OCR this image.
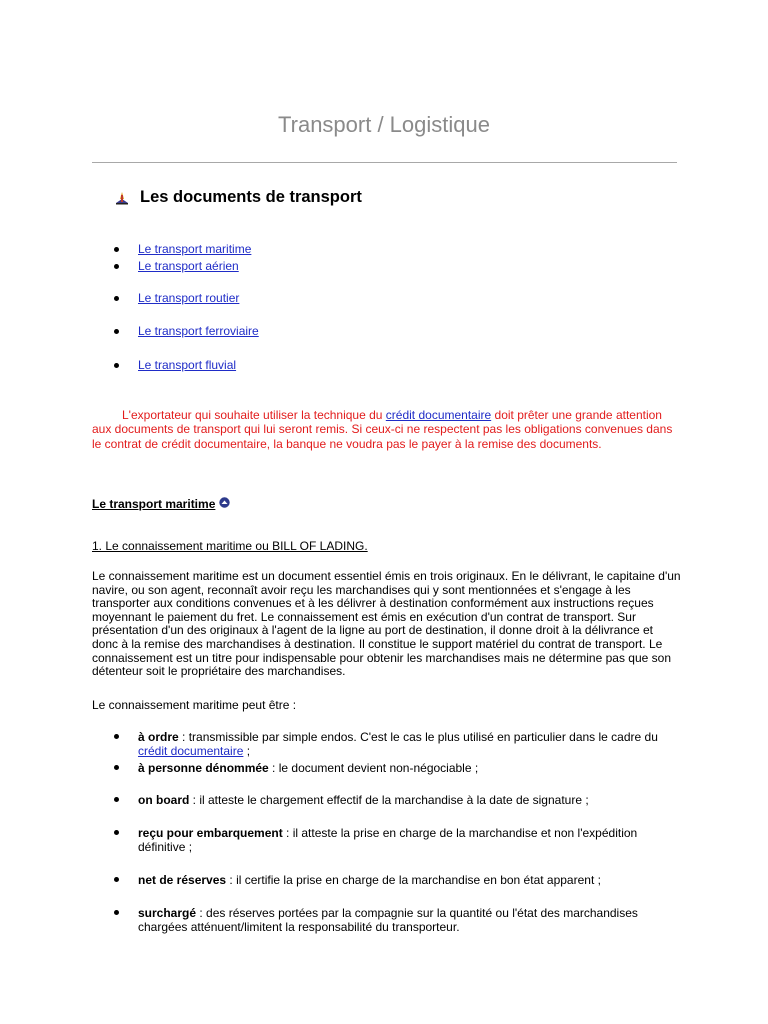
Transport / Logistique
Les documents de transport
Le transport maritime
Le transport aérien
Le transport routier
Le transport ferroviaire
Le transport fluvial
L'exportateur qui souhaite utiliser la technique du crédit documentaire doit prêter une grande attention aux documents de transport qui lui seront remis. Si ceux-ci ne respectent pas les obligations convenues dans le contrat de crédit documentaire, la banque ne voudra pas le payer à la remise des documents.
Le transport maritime
1. Le connaissement maritime ou BILL OF LADING.
Le connaissement maritime est un document essentiel émis en trois originaux. En le délivrant, le capitaine d'un navire, ou son agent, reconnaît avoir reçu les marchandises qui y sont mentionnées et s'engage à les transporter aux conditions convenues et à les délivrer à destination conformément aux instructions reçues moyennant le paiement du fret. Le connaissement est émis en exécution d'un contrat de transport. Sur présentation d'un des originaux à l'agent de la ligne au port de destination, il donne droit à la délivrance et donc à la remise des marchandises à destination. Il constitue le support matériel du contrat de transport. Le connaissement est un titre pour indispensable pour obtenir les marchandises mais ne détermine pas que son détenteur soit le propriétaire des marchandises.
Le connaissement maritime peut être :
à ordre : transmissible par simple endos. C'est le cas le plus utilisé en particulier dans le cadre du crédit documentaire ;
à personne dénommée : le document devient non-négociable ;
on board : il atteste le chargement effectif de la marchandise à la date de signature ;
reçu pour embarquement : il atteste la prise en charge de la marchandise et non l'expédition définitive ;
net de réserves : il certifie la prise en charge de la marchandise en bon état apparent ;
surchargé : des réserves portées par la compagnie sur la quantité ou l'état des marchandises chargées atténuent/limitent la responsabilité du transporteur.
